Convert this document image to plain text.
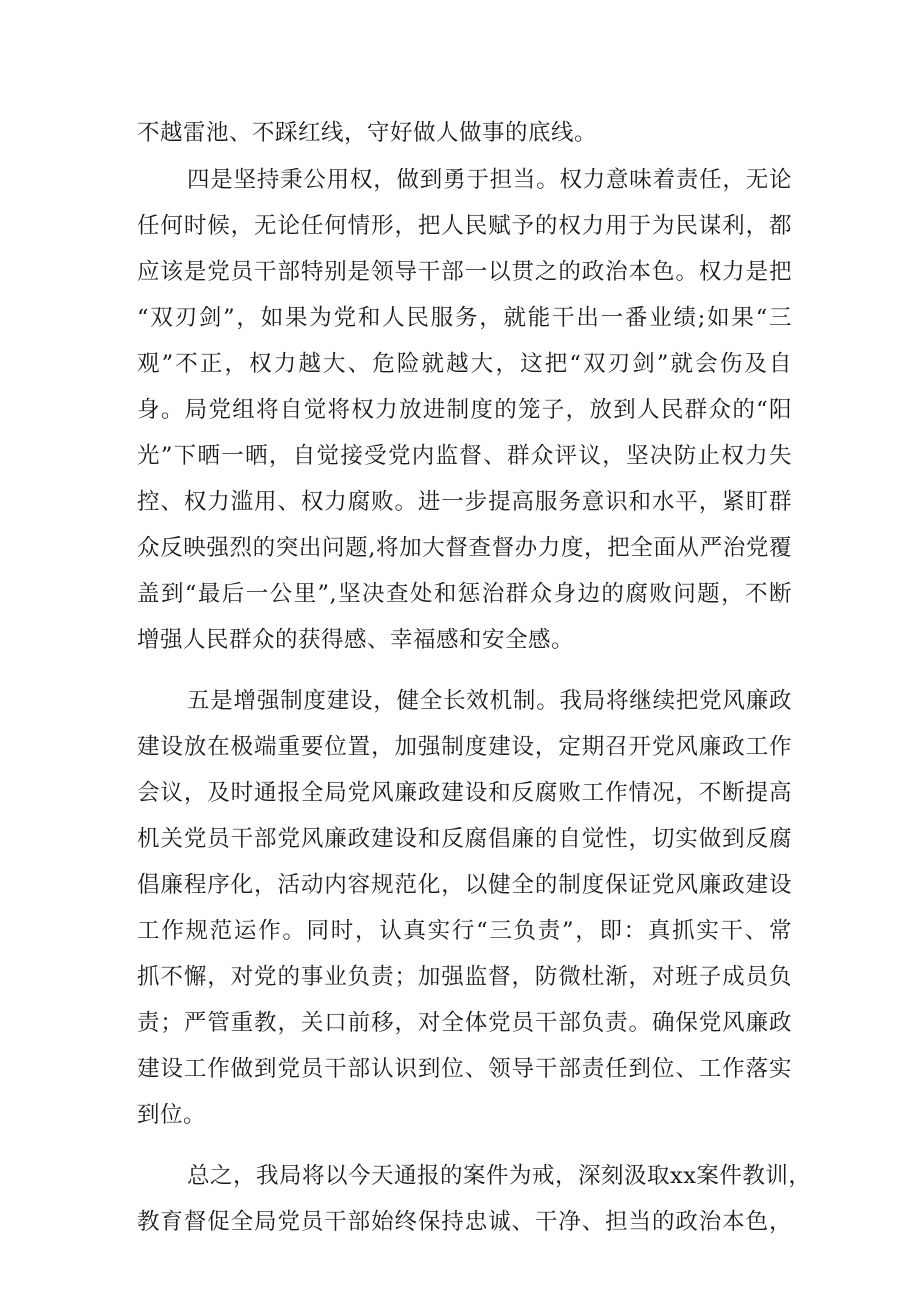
不越雷池、不踩红线，守好做人做事的底线。
四是坚持秉公用权，做到勇于担当。权力意味着责任，无论
任何时候，无论任何情形，把人民赋予的权力用于为民谋利，都
应该是党员干部特别是领导干部一以贯之的政治本色。权力是把
“双刃剑”，如果为党和人民服务，就能干出一番业绩;如果“三
观”不正，权力越大、危险就越大，这把“双刃剑”就会伤及自
身。局党组将自觉将权力放进制度的笼子，放到人民群众的“阳
光”下晒一晒，自觉接受党内监督、群众评议，坚决防止权力失
控、权力滥用、权力腐败。进一步提高服务意识和水平，紧盯群
众反映强烈的突出问题,将加大督查督办力度，把全面从严治党覆
盖到“最后一公里”,坚决查处和惩治群众身边的腐败问题，不断
增强人民群众的获得感、幸福感和安全感。
五是增强制度建设，健全长效机制。我局将继续把党风廉政
建设放在极端重要位置，加强制度建设，定期召开党风廉政工作
会议，及时通报全局党风廉政建设和反腐败工作情况，不断提高
机关党员干部党风廉政建设和反腐倡廉的自觉性，切实做到反腐
倡廉程序化，活动内容规范化，以健全的制度保证党风廉政建设
工作规范运作。同时，认真实行“三负责”，即：真抓实干、常
抓不懈，对党的事业负责；加强监督，防微杜渐，对班子成员负
责；严管重教，关口前移，对全体党员干部负责。确保党风廉政
建设工作做到党员干部认识到位、领导干部责任到位、工作落实
到位。
总之，我局将以今天通报的案件为戒，深刻汲取xx案件教训，
教育督促全局党员干部始终保持忠诚、干净、担当的政治本色，
